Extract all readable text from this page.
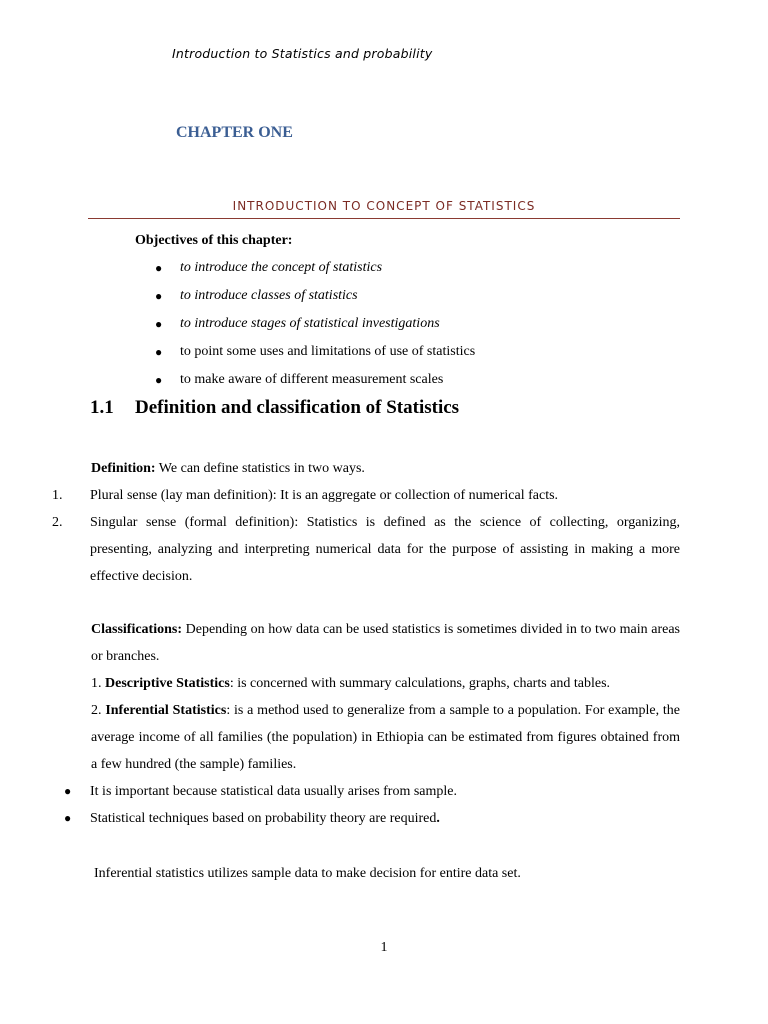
Introduction to Statistics and probability
CHAPTER ONE
INTRODUCTION TO CONCEPT OF STATISTICS
Objectives of this chapter:
●	to introduce the concept of statistics
●	to introduce classes of statistics
●	to introduce stages of statistical investigations
●	to point some uses and limitations of use of statistics
●	to make aware of different measurement scales
1.1 Definition and classification of Statistics
Definition: We can define statistics in two ways.
1.	Plural sense (lay man definition): It is an aggregate or collection of numerical facts.
2.	Singular sense (formal definition): Statistics is defined as the science of collecting, organizing, presenting, analyzing and interpreting numerical data for the purpose of assisting in making a more effective decision.
Classifications: Depending on how data can be used statistics is sometimes divided in to two main areas or branches.
1. Descriptive Statistics: is concerned with summary calculations, graphs, charts and tables.
2. Inferential Statistics: is a method used to generalize from a sample to a population. For example, the average income of all families (the population) in Ethiopia can be estimated from figures obtained from a few hundred (the sample) families.
●	It is important because statistical data usually arises from sample.
●	Statistical techniques based on probability theory are required.
Inferential statistics utilizes sample data to make decision for entire data set.
1
